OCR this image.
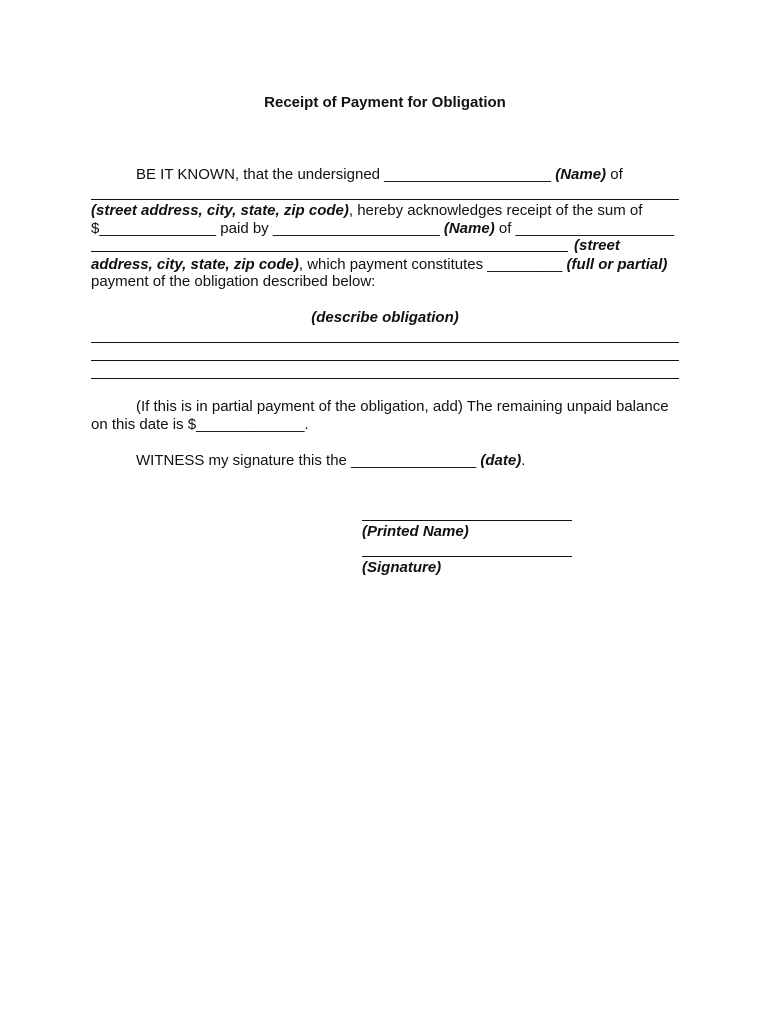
Receipt of Payment for Obligation
BE IT KNOWN, that the undersigned ____________________ (Name) of
(street address, city, state, zip code), hereby acknowledges receipt of the sum of
$______________ paid by ____________________ (Name) of ___________________
(street
address, city, state, zip code), which payment constitutes _________ (full or partial)
payment of the obligation described below:
(describe obligation)
(If this is in partial payment of the obligation, add) The remaining unpaid balance
on this date is $_____________.
WITNESS my signature this the _______________ (date).
(Printed Name)
(Signature)
